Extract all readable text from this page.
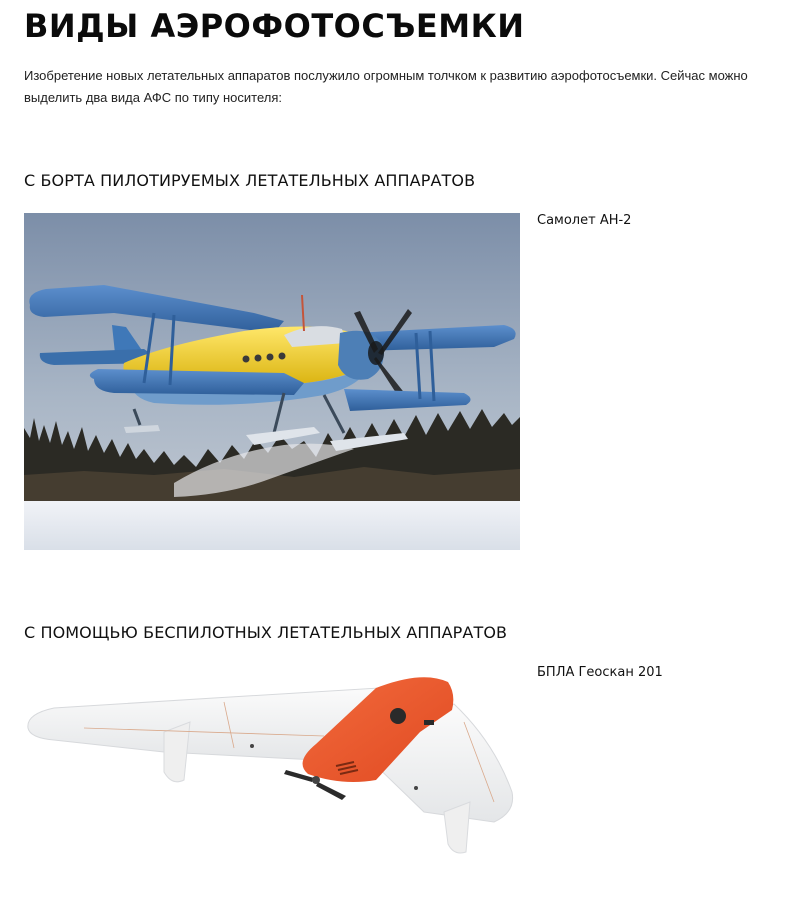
ВИДЫ АЭРОФОТОСЪЕМКИ

Изобретение новых летательных аппаратов послужило огромным толчком к развитию аэрофотосъемки. Сейчас можно выделить два вида АФС по типу носителя:

С БОРТА ПИЛОТИРУЕМЫХ ЛЕТАТЕЛЬНЫХ АППАРАТОВ
Самолет АН-2
С ПОМОЩЬЮ БЕСПИЛОТНЫХ ЛЕТАТЕЛЬНЫХ АППАРАТОВ
БПЛА Геоскан 201
